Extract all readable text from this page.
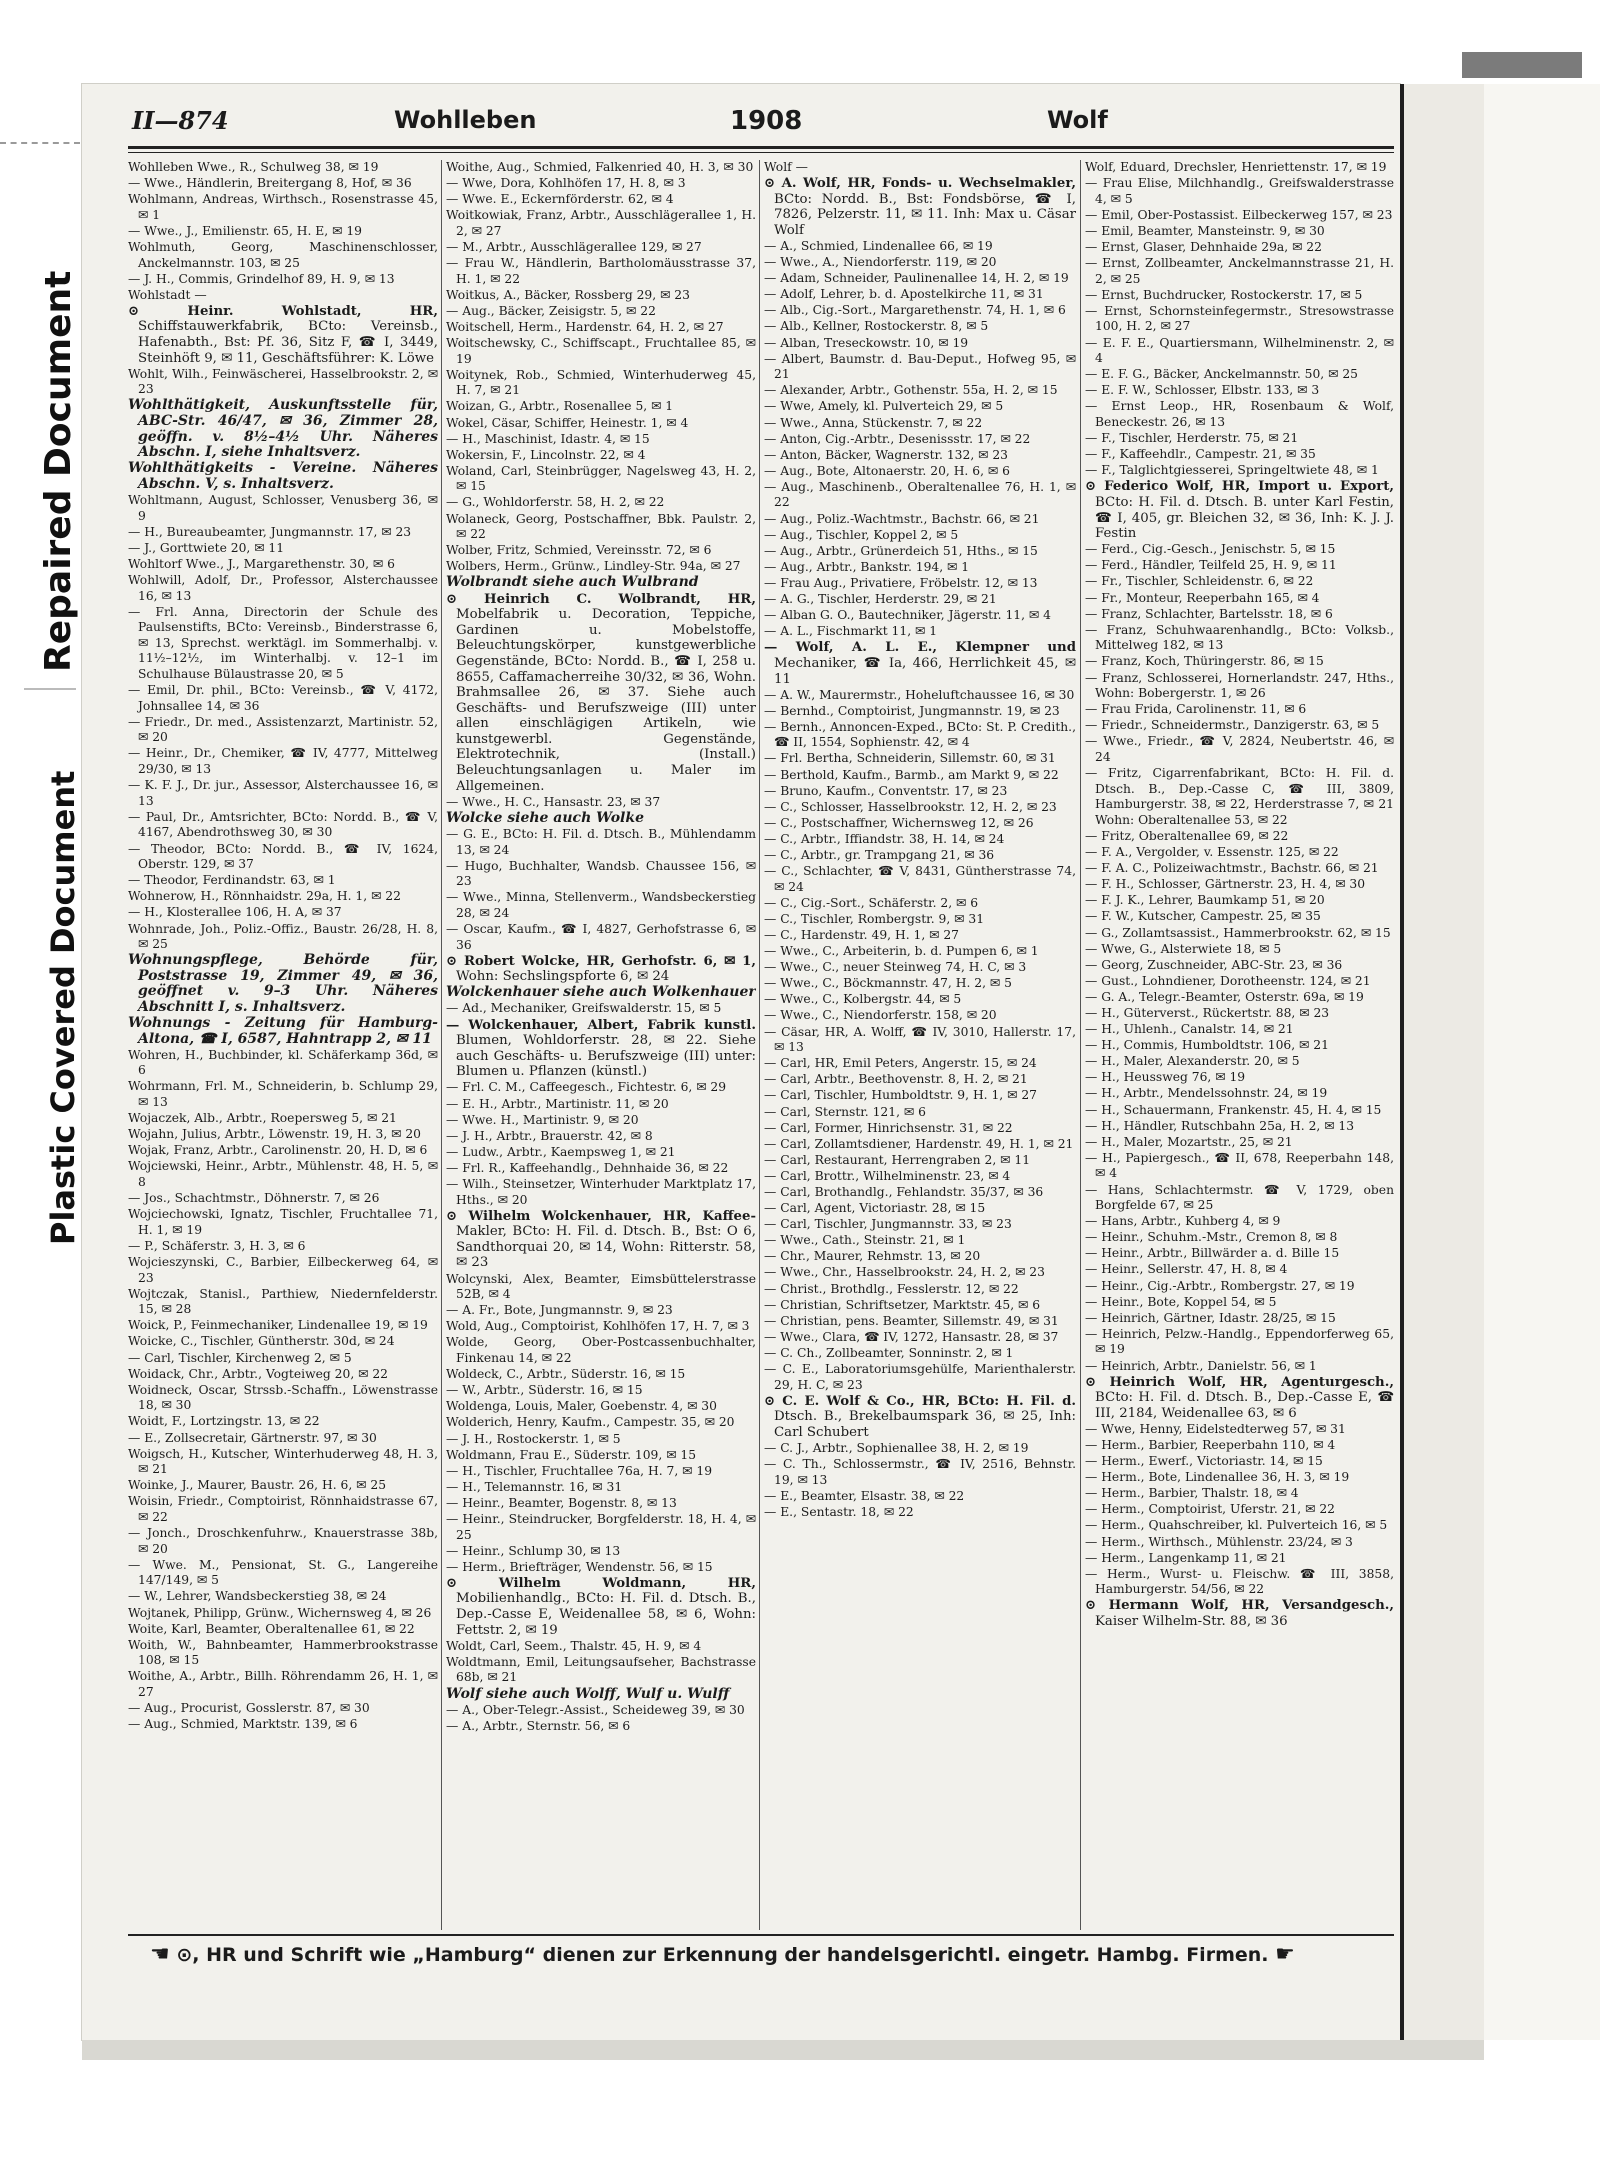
Repaired Document
Plastic Covered Document
II—874	Wohlleben	1908	Wolf

Wohlleben Wwe., R., Schulweg 38, ✉ 19

— Wwe., Händlerin, Breitergang 8, Hof, ✉ 36

Wohlmann, Andreas, Wirthsch., Rosenstrasse 45, ✉ 1

— Wwe., J., Emilienstr. 65, H. E, ✉ 19

Wohlmuth, Georg, Maschinenschlosser, Anckelmannstr. 103, ✉ 25

— J. H., Commis, Grindelhof 89, H. 9, ✉ 13

Wohlstadt —

⊙ Heinr. Wohlstadt, HR, Schiffstauwerkfabrik, BCto: Vereinsb., Hafenabth., Bst: Pf. 36, Sitz F, ☎ I, 3449, Steinhöft 9, ✉ 11, Geschäftsführer: K. Löwe

Wohlt, Wilh., Feinwäscherei, Hasselbrookstr. 2, ✉ 23

Wohlthätigkeit, Auskunftsstelle für, ABC-Str. 46/47, ✉ 36, Zimmer 28, geöffn. v. 8½–4½ Uhr. Näheres Abschn. I, siehe Inhaltsverz.

Wohlthätigkeits - Vereine. Näheres Abschn. V, s. Inhaltsverz.

Wohltmann, August, Schlosser, Venusberg 36, ✉ 9

— H., Bureaubeamter, Jungmannstr. 17, ✉ 23

— J., Gorttwiete 20, ✉ 11

Wohltorf Wwe., J., Margarethenstr. 30, ✉ 6

Wohlwill, Adolf, Dr., Professor, Alsterchaussee 16, ✉ 13

— Frl. Anna, Directorin der Schule des Paulsenstifts, BCto: Vereinsb., Binderstrasse 6, ✉ 13, Sprechst. werktägl. im Sommerhalbj. v. 11½–12½, im Winterhalbj. v. 12–1 im Schulhause Bülaustrasse 20, ✉ 5

— Emil, Dr. phil., BCto: Vereinsb., ☎ V, 4172, Johnsallee 14, ✉ 36

— Friedr., Dr. med., Assistenzarzt, Martinistr. 52, ✉ 20

— Heinr., Dr., Chemiker, ☎ IV, 4777, Mittelweg 29/30, ✉ 13

— K. F. J., Dr. jur., Assessor, Alsterchaussee 16, ✉ 13

— Paul, Dr., Amtsrichter, BCto: Nordd. B., ☎ V, 4167, Abendrothsweg 30, ✉ 30

— Theodor, BCto: Nordd. B., ☎ IV, 1624, Oberstr. 129, ✉ 37

— Theodor, Ferdinandstr. 63, ✉ 1

Wohnerow, H., Rönnhaidstr. 29a, H. 1, ✉ 22

— H., Klosterallee 106, H. A, ✉ 37

Wohnrade, Joh., Poliz.-Offiz., Baustr. 26/28, H. 8, ✉ 25

Wohnungspflege, Behörde für, Poststrasse 19, Zimmer 49, ✉ 36, geöffnet v. 9–3 Uhr. Näheres Abschnitt I, s. Inhaltsverz.

Wohnungs - Zeitung für Hamburg-Altona, ☎ I, 6587, Hahntrapp 2, ✉ 11

Wohren, H., Buchbinder, kl. Schäferkamp 36d, ✉ 6

Wohrmann, Frl. M., Schneiderin, b. Schlump 29, ✉ 13

Wojaczek, Alb., Arbtr., Roepersweg 5, ✉ 21

Wojahn, Julius, Arbtr., Löwenstr. 19, H. 3, ✉ 20

Wojak, Franz, Arbtr., Carolinenstr. 20, H. D, ✉ 6

Wojciewski, Heinr., Arbtr., Mühlenstr. 48, H. 5, ✉ 8

— Jos., Schachtmstr., Döhnerstr. 7, ✉ 26

Wojciechowski, Ignatz, Tischler, Fruchtallee 71, H. 1, ✉ 19

— P., Schäferstr. 3, H. 3, ✉ 6

Wojcieszynski, C., Barbier, Eilbeckerweg 64, ✉ 23

Wojtczak, Stanisl., Parthiew, Niedernfelderstr. 15, ✉ 28

Woick, P., Feinmechaniker, Lindenallee 19, ✉ 19

Woicke, C., Tischler, Güntherstr. 30d, ✉ 24

— Carl, Tischler, Kirchenweg 2, ✉ 5

Woidack, Chr., Arbtr., Vogteiweg 20, ✉ 22

Woidneck, Oscar, Strssb.-Schaffn., Löwenstrasse 18, ✉ 30

Woidt, F., Lortzingstr. 13, ✉ 22

— E., Zollsecretair, Gärtnerstr. 97, ✉ 30

Woigsch, H., Kutscher, Winterhuderweg 48, H. 3, ✉ 21

Woinke, J., Maurer, Baustr. 26, H. 6, ✉ 25

Woisin, Friedr., Comptoirist, Rönnhaidstrasse 67, ✉ 22

— Jonch., Droschkenfuhrw., Knauerstrasse 38b, ✉ 20

— Wwe. M., Pensionat, St. G., Langereihe 147/149, ✉ 5

— W., Lehrer, Wandsbeckerstieg 38, ✉ 24

Wojtanek, Philipp, Grünw., Wichernsweg 4, ✉ 26

Woite, Karl, Beamter, Oberaltenallee 61, ✉ 22

Woith, W., Bahnbeamter, Hammerbrookstrasse 108, ✉ 15

Woithe, A., Arbtr., Billh. Röhrendamm 26, H. 1, ✉ 27

— Aug., Procurist, Gosslerstr. 87, ✉ 30

— Aug., Schmied, Marktstr. 139, ✉ 6

Woithe, Aug., Schmied, Falkenried 40, H. 3, ✉ 30

— Wwe, Dora, Kohlhöfen 17, H. 8, ✉ 3

— Wwe. E., Eckernförderstr. 62, ✉ 4

Woitkowiak, Franz, Arbtr., Ausschlägerallee 1, H. 2, ✉ 27

— M., Arbtr., Ausschlägerallee 129, ✉ 27

— Frau W., Händlerin, Bartholomäusstrasse 37, H. 1, ✉ 22

Woitkus, A., Bäcker, Rossberg 29, ✉ 23

— Aug., Bäcker, Zeisigstr. 5, ✉ 22

Woitschell, Herm., Hardenstr. 64, H. 2, ✉ 27

Woitschewsky, C., Schiffscapt., Fruchtallee 85, ✉ 19

Woitynek, Rob., Schmied, Winterhuderweg 45, H. 7, ✉ 21

Woizan, G., Arbtr., Rosenallee 5, ✉ 1

Wokel, Cäsar, Schiffer, Heinestr. 1, ✉ 4

— H., Maschinist, Idastr. 4, ✉ 15

Wokersin, F., Lincolnstr. 22, ✉ 4

Woland, Carl, Steinbrügger, Nagelsweg 43, H. 2, ✉ 15

— G., Wohldorferstr. 58, H. 2, ✉ 22

Wolaneck, Georg, Postschaffner, Bbk. Paulstr. 2, ✉ 22

Wolber, Fritz, Schmied, Vereinsstr. 72, ✉ 6

Wolbers, Herm., Grünw., Lindley-Str. 94a, ✉ 27

Wolbrandt siehe auch Wulbrand

⊙ Heinrich C. Wolbrandt, HR, Mobelfabrik u. Decoration, Teppiche, Gardinen u. Mobelstoffe, Beleuchtungskörper, kunstgewerbliche Gegenstände, BCto: Nordd. B., ☎ I, 258 u. 8655, Caffamacherreihe 30/32, ✉ 36, Wohn. Brahmsallee 26, ✉ 37. Siehe auch Geschäfts- und Berufszweige (III) unter allen einschlägigen Artikeln, wie kunstgewerbl. Gegenstände, Elektrotechnik, (Install.) Beleuchtungsanlagen u. Maler im Allgemeinen.

— Wwe., H. C., Hansastr. 23, ✉ 37

Wolcke siehe auch Wolke

— G. E., BCto: H. Fil. d. Dtsch. B., Mühlendamm 13, ✉ 24

— Hugo, Buchhalter, Wandsb. Chaussee 156, ✉ 23

— Wwe., Minna, Stellenverm., Wandsbeckerstieg 28, ✉ 24

— Oscar, Kaufm., ☎ I, 4827, Gerhofstrasse 6, ✉ 36

⊙ Robert Wolcke, HR, Gerhofstr. 6, ✉ 1, Wohn: Sechslingspforte 6, ✉ 24

Wolckenhauer siehe auch Wolkenhauer

— Ad., Mechaniker, Greifswalderstr. 15, ✉ 5

— Wolckenhauer, Albert, Fabrik kunstl. Blumen, Wohldorferstr. 28, ✉ 22. Siehe auch Geschäfts- u. Berufszweige (III) unter: Blumen u. Pflanzen (künstl.)

— Frl. C. M., Caffeegesch., Fichtestr. 6, ✉ 29

— E. H., Arbtr., Martinistr. 11, ✉ 20

— Wwe. H., Martinistr. 9, ✉ 20

— J. H., Arbtr., Brauerstr. 42, ✉ 8

— Ludw., Arbtr., Kaempsweg 1, ✉ 21

— Frl. R., Kaffeehandlg., Dehnhaide 36, ✉ 22

— Wilh., Steinsetzer, Winterhuder Marktplatz 17, Hths., ✉ 20

⊙ Wilhelm Wolckenhauer, HR, Kaffee-Makler, BCto: H. Fil. d. Dtsch. B., Bst: O 6, Sandthorquai 20, ✉ 14, Wohn: Ritterstr. 58, ✉ 23

Wolcynski, Alex, Beamter, Eimsbüttelerstrasse 52B, ✉ 4

— A. Fr., Bote, Jungmannstr. 9, ✉ 23

Wold, Aug., Comptoirist, Kohlhöfen 17, H. 7, ✉ 3

Wolde, Georg, Ober-Postcassenbuchhalter, Finkenau 14, ✉ 22

Woldeck, C., Arbtr., Süderstr. 16, ✉ 15

— W., Arbtr., Süderstr. 16, ✉ 15

Woldenga, Louis, Maler, Goebenstr. 4, ✉ 30

Wolderich, Henry, Kaufm., Campestr. 35, ✉ 20

— J. H., Rostockerstr. 1, ✉ 5

Woldmann, Frau E., Süderstr. 109, ✉ 15

— H., Tischler, Fruchtallee 76a, H. 7, ✉ 19

— H., Telemannstr. 16, ✉ 31

— Heinr., Beamter, Bogenstr. 8, ✉ 13

— Heinr., Steindrucker, Borgfelderstr. 18, H. 4, ✉ 25

— Heinr., Schlump 30, ✉ 13

— Herm., Briefträger, Wendenstr. 56, ✉ 15

⊙ Wilhelm Woldmann, HR, Mobilienhandlg., BCto: H. Fil. d. Dtsch. B., Dep.-Casse E, Weidenallee 58, ✉ 6, Wohn: Fettstr. 2, ✉ 19

Woldt, Carl, Seem., Thalstr. 45, H. 9, ✉ 4

Woldtmann, Emil, Leitungsaufseher, Bachstrasse 68b, ✉ 21

Wolf siehe auch Wolff, Wulf u. Wulff

— A., Ober-Telegr.-Assist., Scheideweg 39, ✉ 30

— A., Arbtr., Sternstr. 56, ✉ 6

Wolf —

⊙ A. Wolf, HR, Fonds- u. Wechselmakler, BCto: Nordd. B., Bst: Fondsbörse, ☎ I, 7826, Pelzerstr. 11, ✉ 11. Inh: Max u. Cäsar Wolf

— A., Schmied, Lindenallee 66, ✉ 19

— Wwe., A., Niendorferstr. 119, ✉ 20

— Adam, Schneider, Paulinenallee 14, H. 2, ✉ 19

— Adolf, Lehrer, b. d. Apostelkirche 11, ✉ 31

— Alb., Cig.-Sort., Margarethenstr. 74, H. 1, ✉ 6

— Alb., Kellner, Rostockerstr. 8, ✉ 5

— Alban, Treseckowstr. 10, ✉ 19

— Albert, Baumstr. d. Bau-Deput., Hofweg 95, ✉ 21

— Alexander, Arbtr., Gothenstr. 55a, H. 2, ✉ 15

— Wwe, Amely, kl. Pulverteich 29, ✉ 5

— Wwe., Anna, Stückenstr. 7, ✉ 22

— Anton, Cig.-Arbtr., Desenissstr. 17, ✉ 22

— Anton, Bäcker, Wagnerstr. 132, ✉ 23

— Aug., Bote, Altonaerstr. 20, H. 6, ✉ 6

— Aug., Maschinenb., Oberaltenallee 76, H. 1, ✉ 22

— Aug., Poliz.-Wachtmstr., Bachstr. 66, ✉ 21

— Aug., Tischler, Koppel 2, ✉ 5

— Aug., Arbtr., Grünerdeich 51, Hths., ✉ 15

— Aug., Arbtr., Bankstr. 194, ✉ 1

— Frau Aug., Privatiere, Fröbelstr. 12, ✉ 13

— A. G., Tischler, Herderstr. 29, ✉ 21

— Alban G. O., Bautechniker, Jägerstr. 11, ✉ 4

— A. L., Fischmarkt 11, ✉ 1

— Wolf, A. L. E., Klempner und Mechaniker, ☎ Ia, 466, Herrlichkeit 45, ✉ 11

— A. W., Maurermstr., Hoheluftchaussee 16, ✉ 30

— Bernhd., Comptoirist, Jungmannstr. 19, ✉ 23

— Bernh., Annoncen-Exped., BCto: St. P. Credith., ☎ II, 1554, Sophienstr. 42, ✉ 4

— Frl. Bertha, Schneiderin, Sillemstr. 60, ✉ 31

— Berthold, Kaufm., Barmb., am Markt 9, ✉ 22

— Bruno, Kaufm., Conventstr. 17, ✉ 23

— C., Schlosser, Hasselbrookstr. 12, H. 2, ✉ 23

— C., Postschaffner, Wichernsweg 12, ✉ 26

— C., Arbtr., Iffiandstr. 38, H. 14, ✉ 24

— C., Arbtr., gr. Trampgang 21, ✉ 36

— C., Schlachter, ☎ V, 8431, Güntherstrasse 74, ✉ 24

— C., Cig.-Sort., Schäferstr. 2, ✉ 6

— C., Tischler, Rombergstr. 9, ✉ 31

— C., Hardenstr. 49, H. 1, ✉ 27

— Wwe., C., Arbeiterin, b. d. Pumpen 6, ✉ 1

— Wwe., C., neuer Steinweg 74, H. C, ✉ 3

— Wwe., C., Böckmannstr. 47, H. 2, ✉ 5

— Wwe., C., Kolbergstr. 44, ✉ 5

— Wwe., C., Niendorferstr. 158, ✉ 20

— Cäsar, HR, A. Wolff, ☎ IV, 3010, Hallerstr. 17, ✉ 13

— Carl, HR, Emil Peters, Angerstr. 15, ✉ 24

— Carl, Arbtr., Beethovenstr. 8, H. 2, ✉ 21

— Carl, Tischler, Humboldtstr. 9, H. 1, ✉ 27

— Carl, Sternstr. 121, ✉ 6

— Carl, Former, Hinrichsenstr. 31, ✉ 22

— Carl, Zollamtsdiener, Hardenstr. 49, H. 1, ✉ 21

— Carl, Restaurant, Herrengraben 2, ✉ 11

— Carl, Brottr., Wilhelminenstr. 23, ✉ 4

— Carl, Brothandlg., Fehlandstr. 35/37, ✉ 36

— Carl, Agent, Victoriastr. 28, ✉ 15

— Carl, Tischler, Jungmannstr. 33, ✉ 23

— Wwe., Cath., Steinstr. 21, ✉ 1

— Chr., Maurer, Rehmstr. 13, ✉ 20

— Wwe., Chr., Hasselbrookstr. 24, H. 2, ✉ 23

— Christ., Brothdlg., Fesslerstr. 12, ✉ 22

— Christian, Schriftsetzer, Marktstr. 45, ✉ 6

— Christian, pens. Beamter, Sillemstr. 49, ✉ 31

— Wwe., Clara, ☎ IV, 1272, Hansastr. 28, ✉ 37

— C. Ch., Zollbeamter, Sonninstr. 2, ✉ 1

— C. E., Laboratoriumsgehülfe, Marienthalerstr. 29, H. C, ✉ 23

⊙ C. E. Wolf & Co., HR, BCto: H. Fil. d. Dtsch. B., Brekelbaumspark 36, ✉ 25, Inh: Carl Schubert

— C. J., Arbtr., Sophienallee 38, H. 2, ✉ 19

— C. Th., Schlossermstr., ☎ IV, 2516, Behnstr. 19, ✉ 13

— E., Beamter, Elsastr. 38, ✉ 22

— E., Sentastr. 18, ✉ 22

Wolf, Eduard, Drechsler, Henriettenstr. 17, ✉ 19

— Frau Elise, Milchhandlg., Greifswalderstrasse 4, ✉ 5

— Emil, Ober-Postassist. Eilbeckerweg 157, ✉ 23

— Emil, Beamter, Mansteinstr. 9, ✉ 30

— Ernst, Glaser, Dehnhaide 29a, ✉ 22

— Ernst, Zollbeamter, Anckelmannstrasse 21, H. 2, ✉ 25

— Ernst, Buchdrucker, Rostockerstr. 17, ✉ 5

— Ernst, Schornsteinfegermstr., Stresowstrasse 100, H. 2, ✉ 27

— E. F. E., Quartiersmann, Wilhelminenstr. 2, ✉ 4

— E. F. G., Bäcker, Anckelmannstr. 50, ✉ 25

— E. F. W., Schlosser, Elbstr. 133, ✉ 3

— Ernst Leop., HR, Rosenbaum & Wolf, Beneckestr. 26, ✉ 13

— F., Tischler, Herderstr. 75, ✉ 21

— F., Kaffeehdlr., Campestr. 21, ✉ 35

— F., Talglichtgiesserei, Springeltwiete 48, ✉ 1

⊙ Federico Wolf, HR, Import u. Export, BCto: H. Fil. d. Dtsch. B. unter Karl Festin, ☎ I, 405, gr. Bleichen 32, ✉ 36, Inh: K. J. J. Festin

— Ferd., Cig.-Gesch., Jenischstr. 5, ✉ 15

— Ferd., Händler, Teilfeld 25, H. 9, ✉ 11

— Fr., Tischler, Schleidenstr. 6, ✉ 22

— Fr., Monteur, Reeperbahn 165, ✉ 4

— Franz, Schlachter, Bartelsstr. 18, ✉ 6

— Franz, Schuhwaarenhandlg., BCto: Volksb., Mittelweg 182, ✉ 13

— Franz, Koch, Thüringerstr. 86, ✉ 15

— Franz, Schlosserei, Hornerlandstr. 247, Hths., Wohn: Bobergerstr. 1, ✉ 26

— Frau Frida, Carolinenstr. 11, ✉ 6

— Friedr., Schneidermstr., Danzigerstr. 63, ✉ 5

— Wwe., Friedr., ☎ V, 2824, Neubertstr. 46, ✉ 24

— Fritz, Cigarrenfabrikant, BCto: H. Fil. d. Dtsch. B., Dep.-Casse C, ☎ III, 3809, Hamburgerstr. 38, ✉ 22, Herderstrasse 7, ✉ 21 Wohn: Oberaltenallee 53, ✉ 22

— Fritz, Oberaltenallee 69, ✉ 22

— F. A., Vergolder, v. Essenstr. 125, ✉ 22

— F. A. C., Polizeiwachtmstr., Bachstr. 66, ✉ 21

— F. H., Schlosser, Gärtnerstr. 23, H. 4, ✉ 30

— F. J. K., Lehrer, Baumkamp 51, ✉ 20

— F. W., Kutscher, Campestr. 25, ✉ 35

— G., Zollamtsassist., Hammerbrookstr. 62, ✉ 15

— Wwe, G., Alsterwiete 18, ✉ 5

— Georg, Zuschneider, ABC-Str. 23, ✉ 36

— Gust., Lohndiener, Dorotheenstr. 124, ✉ 21

— G. A., Telegr.-Beamter, Osterstr. 69a, ✉ 19

— H., Güterverst., Rückertstr. 88, ✉ 23

— H., Uhlenh., Canalstr. 14, ✉ 21

— H., Commis, Humboldtstr. 106, ✉ 21

— H., Maler, Alexanderstr. 20, ✉ 5

— H., Heussweg 76, ✉ 19

— H., Arbtr., Mendelssohnstr. 24, ✉ 19

— H., Schauermann, Frankenstr. 45, H. 4, ✉ 15

— H., Händler, Rutschbahn 25a, H. 2, ✉ 13

— H., Maler, Mozartstr., 25, ✉ 21

— H., Papiergesch., ☎ II, 678, Reeperbahn 148, ✉ 4

— Hans, Schlachtermstr. ☎ V, 1729, oben Borgfelde 67, ✉ 25

— Hans, Arbtr., Kuhberg 4, ✉ 9

— Heinr., Schuhm.-Mstr., Cremon 8, ✉ 8

— Heinr., Arbtr., Billwärder a. d. Bille 15

— Heinr., Sellerstr. 47, H. 8, ✉ 4

— Heinr., Cig.-Arbtr., Rombergstr. 27, ✉ 19

— Heinr., Bote, Koppel 54, ✉ 5

— Heinrich, Gärtner, Idastr. 28/25, ✉ 15

— Heinrich, Pelzw.-Handlg., Eppendorferweg 65, ✉ 19

— Heinrich, Arbtr., Danielstr. 56, ✉ 1

⊙ Heinrich Wolf, HR, Agenturgesch., BCto: H. Fil. d. Dtsch. B., Dep.-Casse E, ☎ III, 2184, Weidenallee 63, ✉ 6

— Wwe, Henny, Eidelstedterweg 57, ✉ 31

— Herm., Barbier, Reeperbahn 110, ✉ 4

— Herm., Ewerf., Victoriastr. 14, ✉ 15

— Herm., Bote, Lindenallee 36, H. 3, ✉ 19

— Herm., Barbier, Thalstr. 18, ✉ 4

— Herm., Comptoirist, Uferstr. 21, ✉ 22

— Herm., Quahschreiber, kl. Pulverteich 16, ✉ 5

— Herm., Wirthsch., Mühlenstr. 23/24, ✉ 3

— Herm., Langenkamp 11, ✉ 21

— Herm., Wurst- u. Fleischw. ☎ III, 3858, Hamburgerstr. 54/56, ✉ 22

⊙ Hermann Wolf, HR, Versandgesch., Kaiser Wilhelm-Str. 88, ✉ 36

☚ ⊙, HR und Schrift wie „Hamburg“ dienen zur Erkennung der handelsgerichtl. eingetr. Hambg. Firmen. ☛
